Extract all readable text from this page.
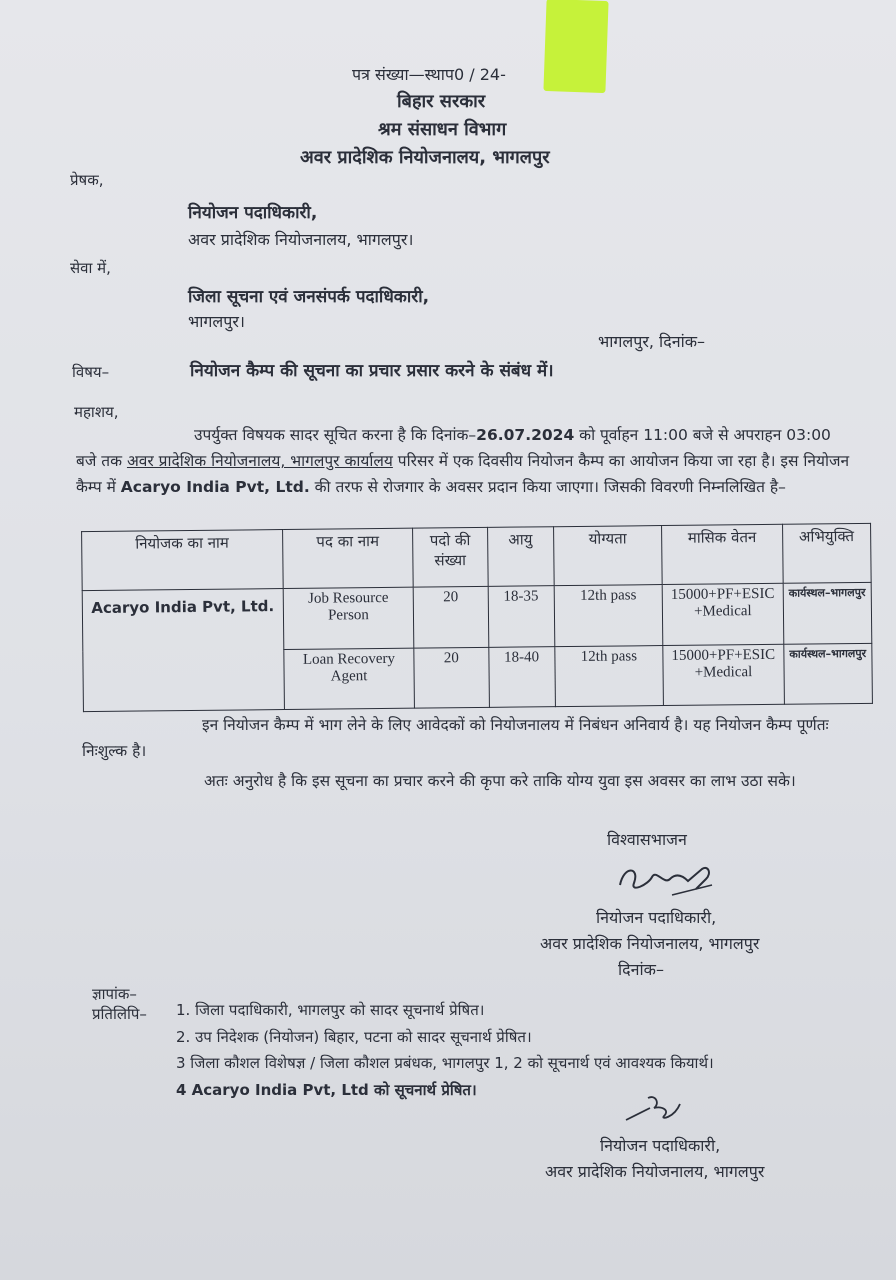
पत्र संख्या—स्थाप0 / 24-
बिहार सरकार
श्रम संसाधन विभाग
अवर प्रादेशिक नियोजनालय, भागलपुर
प्रेषक,
नियोजन पदाधिकारी,
अवर प्रादेशिक नियोजनालय, भागलपुर।
सेवा में,
जिला सूचना एवं जनसंपर्क पदाधिकारी,
भागलपुर।
भागलपुर, दिनांक–
विषय–	नियोजन कैम्प की सूचना का प्रचार प्रसार करने के संबंध में।
महाशय,
उपर्युक्त विषयक सादर सूचित करना है कि दिनांक–26.07.2024 को पूर्वाहन 11:00 बजे से अपराहन 03:00 बजे तक अवर प्रादेशिक नियोजनालय, भागलपुर कार्यालय परिसर में एक दिवसीय नियोजन कैम्प का आयोजन किया जा रहा है। इस नियोजन कैम्प में Acaryo India Pvt, Ltd. की तरफ से रोजगार के अवसर प्रदान किया जाएगा। जिसकी विवरणी निम्नलिखित है–
नियोजक का नाम	पद का नाम	पदो की संख्या	आयु	योग्यता	मासिक वेतन	अभियुक्ति
Acaryo India Pvt, Ltd.	Job Resource Person	20	18-35	12th pass	15000+PF+ESIC+Medical	कार्यस्थल–भागलपुर
	Loan Recovery Agent	20	18-40	12th pass	15000+PF+ESIC+Medical	कार्यस्थल–भागलपुर
इन नियोजन कैम्प में भाग लेने के लिए आवेदकों को नियोजनालय में निबंधन अनिवार्य है। यह नियोजन कैम्प पूर्णतः निःशुल्क है।
अतः अनुरोध है कि इस सूचना का प्रचार करने की कृपा करे ताकि योग्य युवा इस अवसर का लाभ उठा सके।
विश्वासभाजन
नियोजन पदाधिकारी,
अवर प्रादेशिक नियोजनालय, भागलपुर
दिनांक–
ज्ञापांक–
प्रतिलिपि– 1. जिला पदाधिकारी, भागलपुर को सादर सूचनार्थ प्रेषित।
2. उप निदेशक (नियोजन) बिहार, पटना को सादर सूचनार्थ प्रेषित।
3 जिला कौशल विशेषज्ञ / जिला कौशल प्रबंधक, भागलपुर 1, 2 को सूचनार्थ एवं आवश्यक कियार्थ।
4 Acaryo India Pvt, Ltd को सूचनार्थ प्रेषित।
नियोजन पदाधिकारी,
अवर प्रादेशिक नियोजनालय, भागलपुर
